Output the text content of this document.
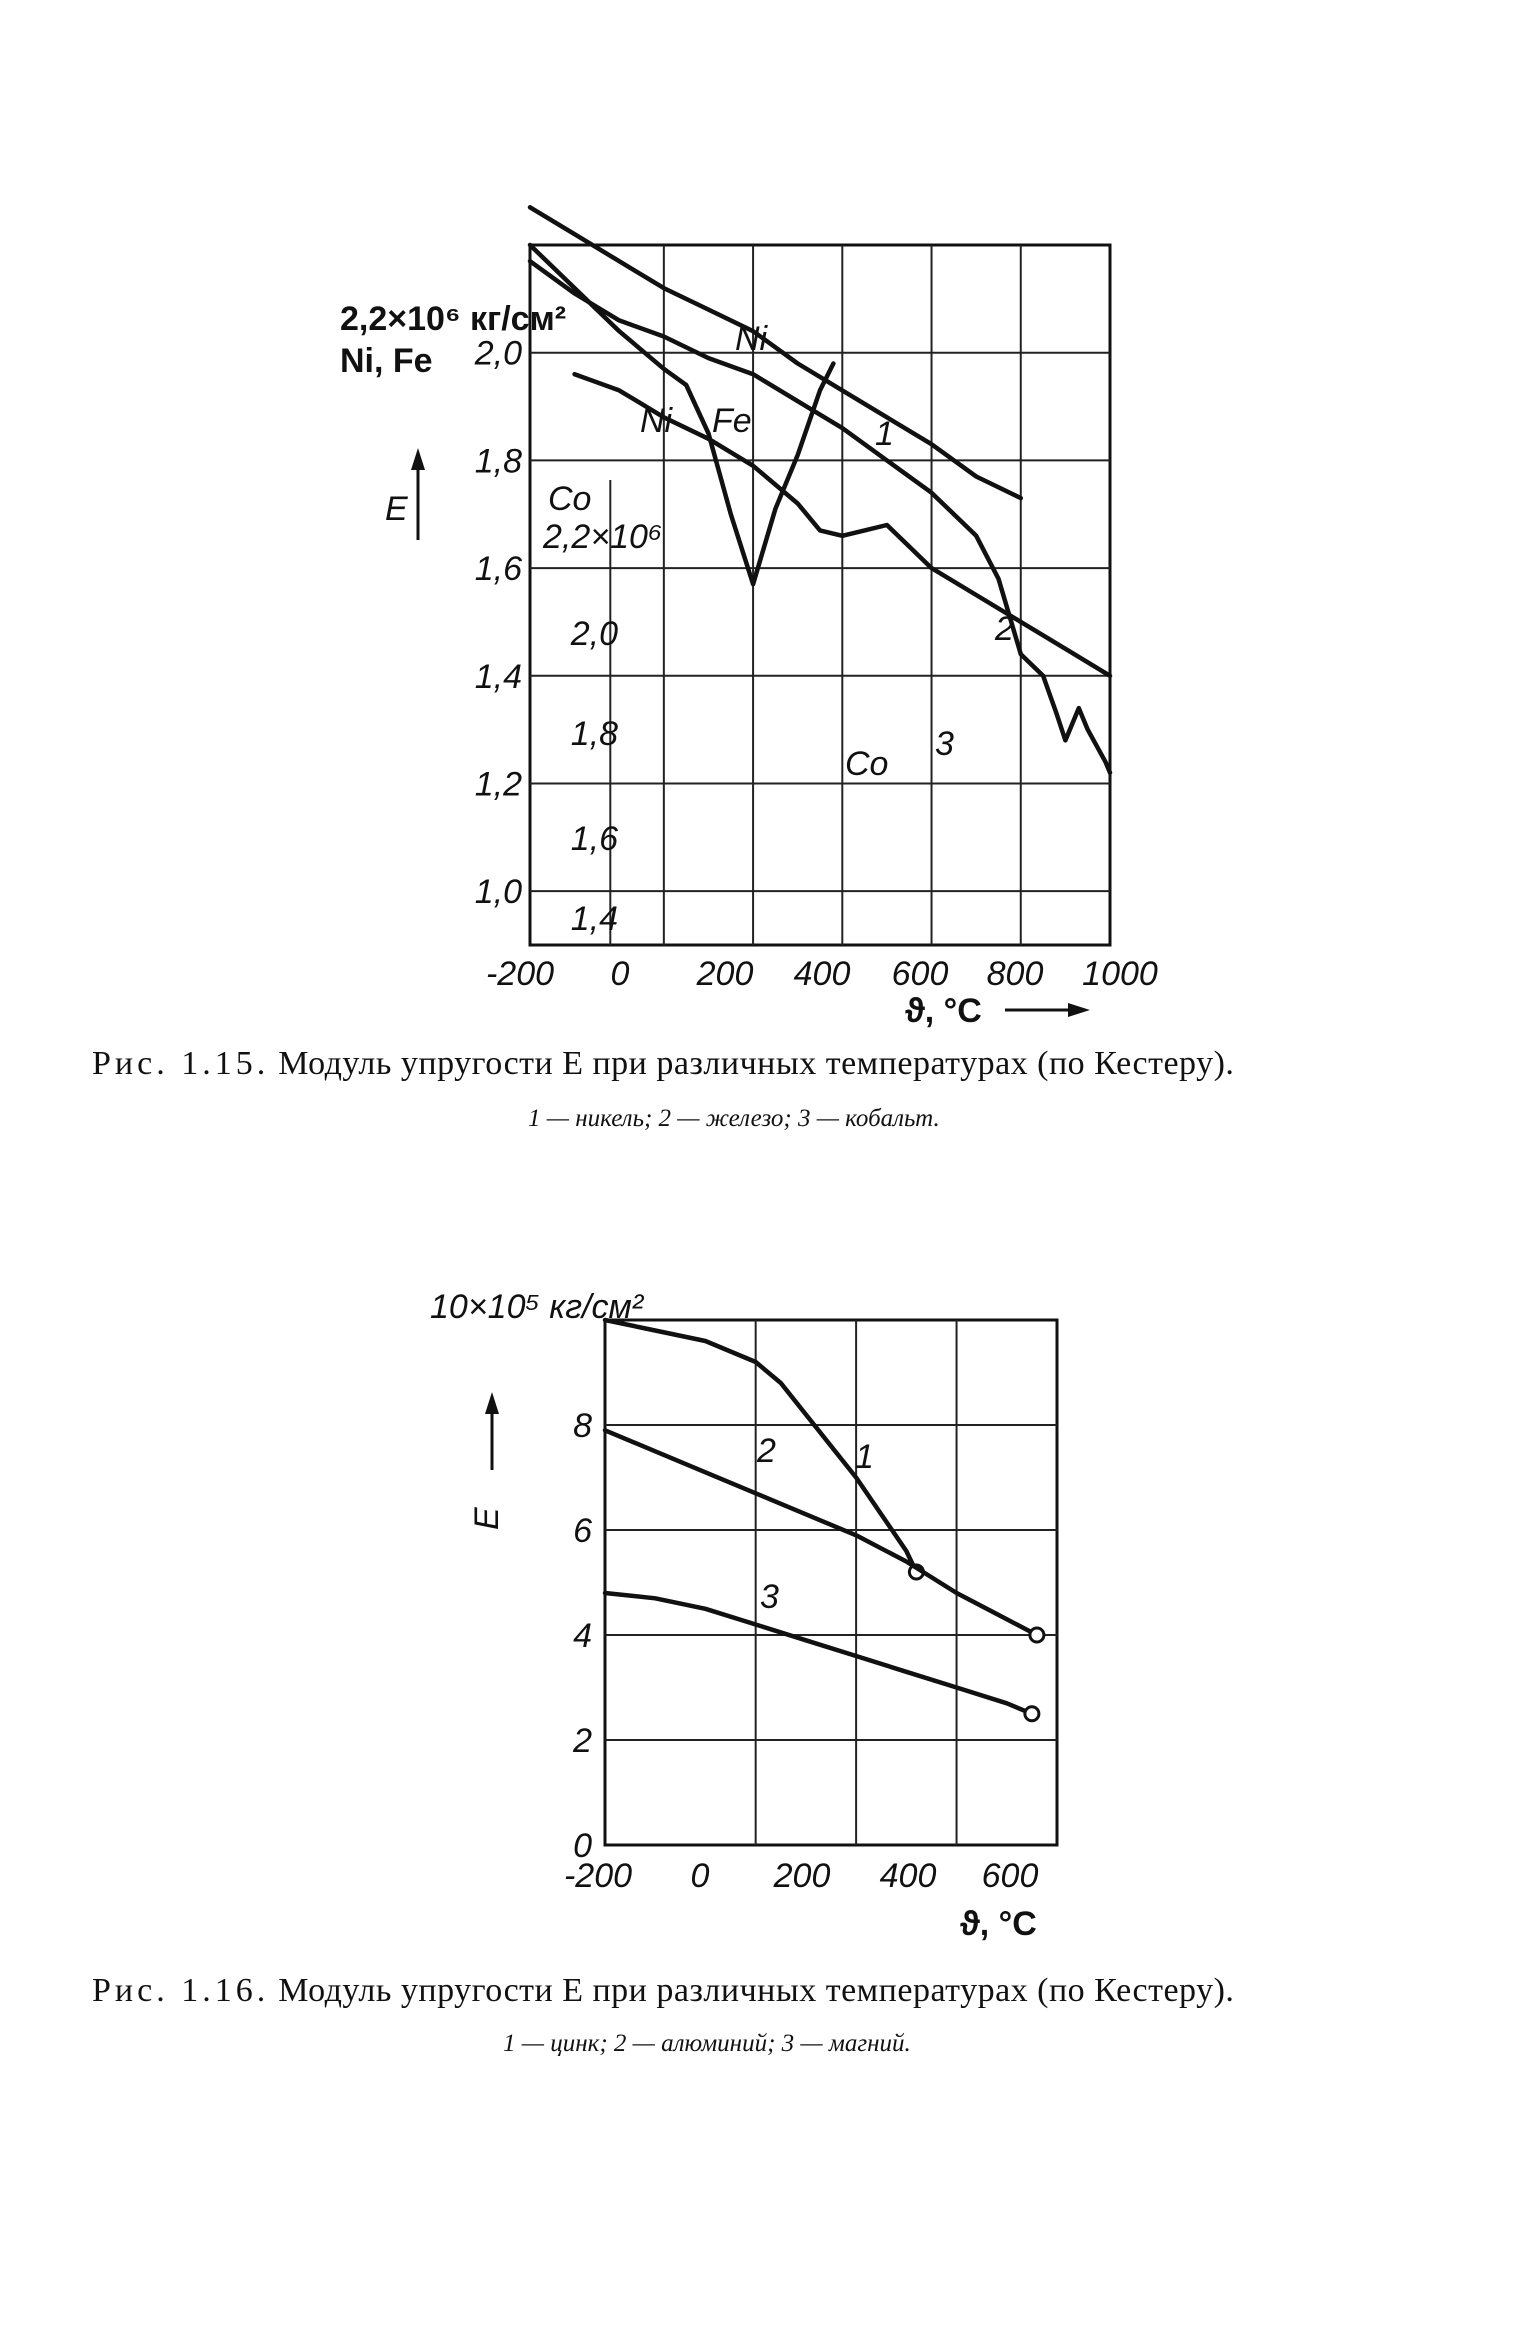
-200 0 200 400 600 800 1000
2,0
1,8
1,6
1,4
1,2
1,0
2,0
1,8
1,6
1,4
2,2×10⁶ кг/см²
Ni, Fe
E	Co
2,2×10⁶
Ni
Ni Fe	1
2
3
Co
ϑ, °C
-200 0 200 400 600
8
6
4
2
0
10×10⁵ кг/см²
E
1
2
3
ϑ, °C
Рис. 1.15. Модуль упругости E при различных температурах (по Кестеру).
1 — никель; 2 — железо; 3 — кобальт.
Рис. 1.16. Модуль упругости E при различных температурах (по Кестеру).
1 — цинк; 2 — алюминий; 3 — магний.
